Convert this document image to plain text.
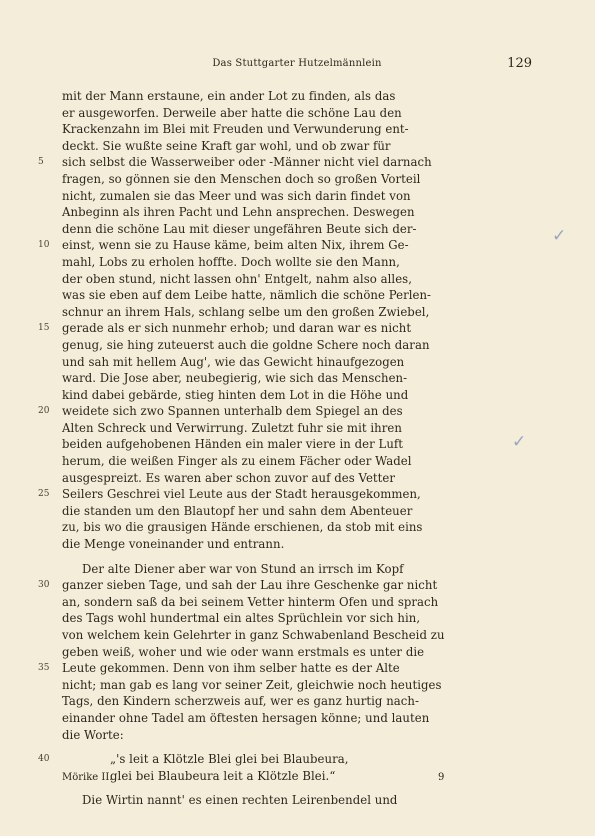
Das Stuttgarter Hutzelmännlein	129
mit der Mann erstaune, ein ander Lot zu finden, als das
er ausgeworfen. Derweile aber hatte die schöne Lau den
Krackenzahn im Blei mit Freuden und Verwunderung ent-
deckt. Sie wußte seine Kraft gar wohl, und ob zwar für
5 sich selbst die Wasserweiber oder -Männer nicht viel darnach
fragen, so gönnen sie den Menschen doch so großen Vorteil
nicht, zumalen sie das Meer und was sich darin findet von
Anbeginn als ihren Pacht und Lehn ansprechen. Deswegen
denn die schöne Lau mit dieser ungefähren Beute sich der-
10 einst, wenn sie zu Hause käme, beim alten Nix, ihrem Ge-
mahl, Lobs zu erholen hoffte. Doch wollte sie den Mann,
der oben stund, nicht lassen ohn' Entgelt, nahm also alles,
was sie eben auf dem Leibe hatte, nämlich die schöne Perlen-
schnur an ihrem Hals, schlang selbe um den großen Zwiebel,
15 gerade als er sich nunmehr erhob; und daran war es nicht
genug, sie hing zuteuerst auch die goldne Schere noch daran
und sah mit hellem Aug', wie das Gewicht hinaufgezogen
ward. Die Jose aber, neubegierig, wie sich das Menschen-
kind dabei gebärde, stieg hinten dem Lot in die Höhe und
20 weidete sich zwo Spannen unterhalb dem Spiegel an des
Alten Schreck und Verwirrung. Zuletzt fuhr sie mit ihren
beiden aufgehobenen Händen ein maler viere in der Luft
herum, die weißen Finger als zu einem Fächer oder Wadel
ausgespreizt. Es waren aber schon zuvor auf des Vetter
25 Seilers Geschrei viel Leute aus der Stadt herausgekommen,
die standen um den Blautopf her und sahn dem Abenteuer
zu, bis wo die grausigen Hände erschienen, da stob mit eins
die Menge voneinander und entrann.
Der alte Diener aber war von Stund an irrsch im Kopf
30 ganzer sieben Tage, und sah der Lau ihre Geschenke gar nicht
an, sondern saß da bei seinem Vetter hinterm Ofen und sprach
des Tags wohl hundertmal ein altes Sprüchlein vor sich hin,
von welchem kein Gelehrter in ganz Schwabenland Bescheid zu
geben weiß, woher und wie oder wann erstmals es unter die
35 Leute gekommen. Denn von ihm selber hatte es der Alte
nicht; man gab es lang vor seiner Zeit, gleichwie noch heutiges
Tags, den Kindern scherzweis auf, wer es ganz hurtig nach-
einander ohne Tadel am öftesten hersagen könne; und lauten
die Worte:
40	„'s leit a Klötzle Blei glei bei Blaubeura,
glei bei Blaubeura leit a Klötzle Blei.“
Die Wirtin nannt' es einen rechten Leirenbendel und
✓
✓
Mörike II.	9
